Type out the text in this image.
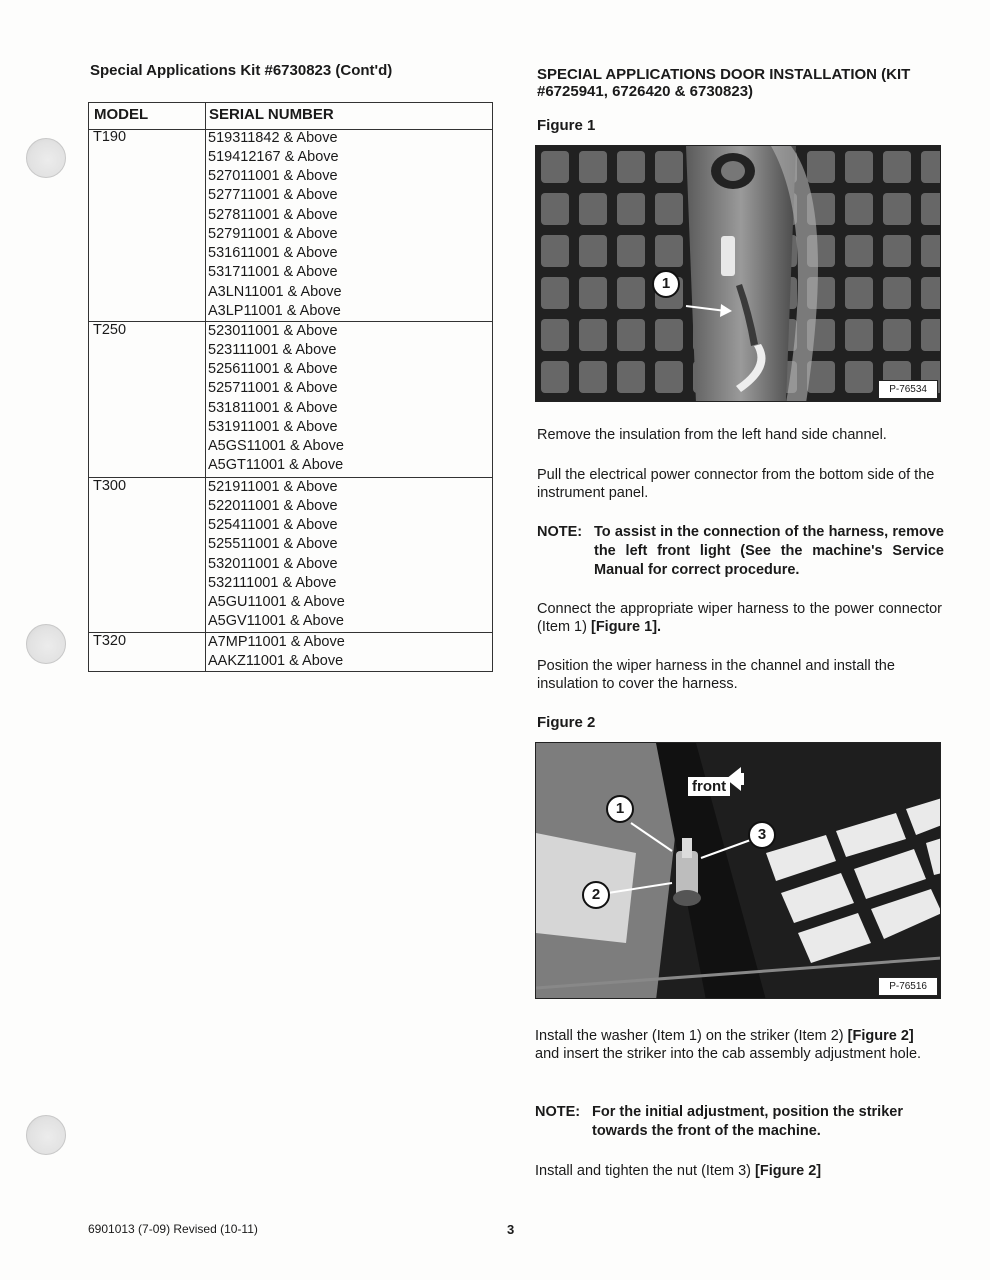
Special Applications Kit #6730823 (Cont'd)
MODEL	SERIAL NUMBER
T190	519311842 & Above
519412167 & Above
527011001 & Above
527711001 & Above
527811001 & Above
527911001 & Above
531611001 & Above
531711001 & Above
A3LN11001 & Above
A3LP11001 & Above
T250	523011001 & Above
523111001 & Above
525611001 & Above
525711001 & Above
531811001 & Above
531911001 & Above
A5GS11001 & Above
A5GT11001 & Above
T300	521911001 & Above
522011001 & Above
525411001 & Above
525511001 & Above
532011001 & Above
532111001 & Above
A5GU11001 & Above
A5GV11001 & Above
T320	A7MP11001 & Above
AAKZ11001 & Above
SPECIAL APPLICATIONS DOOR INSTALLATION (KIT #6725941, 6726420 & 6730823)
Figure 1
1
P-76534
Remove the insulation from the left hand side channel.
Pull the electrical power connector from the bottom side of the instrument panel.
NOTE: To assist in the connection of the harness, remove the left front light (See the machine's Service Manual for correct procedure.
Connect the appropriate wiper harness to the power connector (Item 1) [Figure 1].
Position the wiper harness in the channel and install the insulation to cover the harness.
Figure 2
front
1
2
3
P-76516
Install the washer (Item 1) on the striker (Item 2) [Figure 2] and insert the striker into the cab assembly adjustment hole.
NOTE: For the initial adjustment, position the striker towards the front of the machine.
Install and tighten the nut (Item 3) [Figure 2]
6901013 (7-09) Revised (10-11)	3
